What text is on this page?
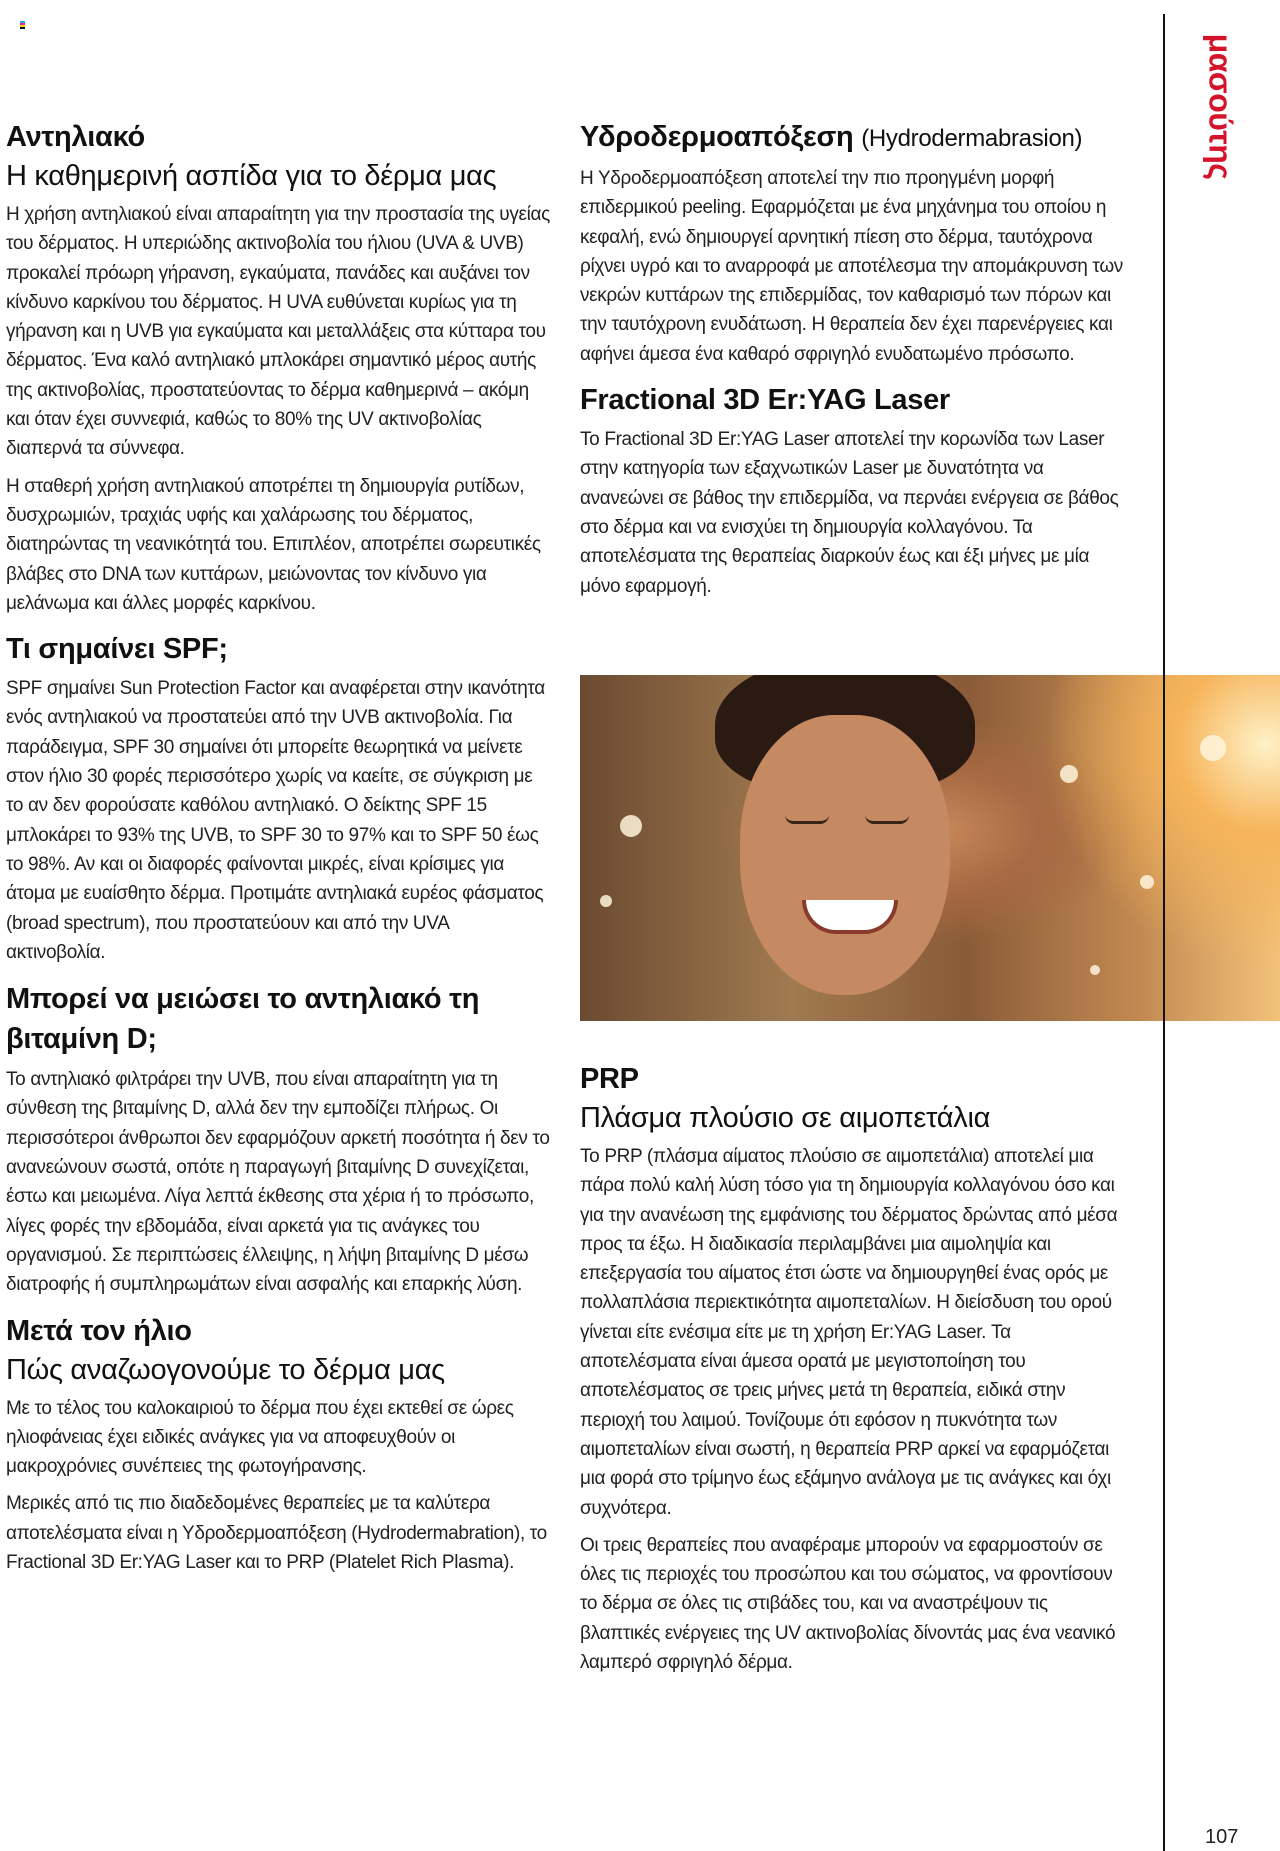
Αντηλιακό
Η καθημερινή ασπίδα για το δέρμα μας

Η χρήση αντηλιακού είναι απαραίτητη για την προστασία της υγείας του δέρματος. Η υπεριώδης ακτινοβολία του ήλιου (UVA & UVB) προκαλεί πρόωρη γήρανση, εγκαύματα, πανάδες και αυξάνει τον κίνδυνο καρκίνου του δέρματος. Η UVA ευθύνεται κυρίως για τη γήρανση και η UVB για εγκαύματα και μεταλλάξεις στα κύτταρα του δέρματος. Ένα καλό αντηλιακό μπλοκάρει σημαντικό μέρος αυτής της ακτινοβολίας, προστατεύοντας το δέρμα καθημερινά – ακόμη και όταν έχει συννεφιά, καθώς το 80% της UV ακτινοβολίας διαπερνά τα σύννεφα.

Η σταθερή χρήση αντηλιακού αποτρέπει τη δημιουργία ρυτίδων, δυσχρωμιών, τραχιάς υφής και χαλάρωσης του δέρματος, διατηρώντας τη νεανικότητά του. Επιπλέον, αποτρέπει σωρευτικές βλάβες στο DNA των κυττάρων, μειώνοντας τον κίνδυνο για μελάνωμα και άλλες μορφές καρκίνου.

Τι σημαίνει SPF;

SPF σημαίνει Sun Protection Factor και αναφέρεται στην ικανότητα ενός αντηλιακού να προστατεύει από την UVB ακτινοβολία. Για παράδειγμα, SPF 30 σημαίνει ότι μπορείτε θεωρητικά να μείνετε στον ήλιο 30 φορές περισσότερο χωρίς να καείτε, σε σύγκριση με το αν δεν φορούσατε καθόλου αντηλιακό. Ο δείκτης SPF 15 μπλοκάρει το 93% της UVB, το SPF 30 το 97% και το SPF 50 έως το 98%. Αν και οι διαφορές φαίνονται μικρές, είναι κρίσιμες για άτομα με ευαίσθητο δέρμα. Προτιμάτε αντηλιακά ευρέος φάσματος (broad spectrum), που προστατεύουν και από την UVA ακτινοβολία.

Μπορεί να μειώσει το αντηλιακό τη βιταμίνη D;

Το αντηλιακό φιλτράρει την UVB, που είναι απαραίτητη για τη σύνθεση της βιταμίνης D, αλλά δεν την εμποδίζει πλήρως. Οι περισσότεροι άνθρωποι δεν εφαρμόζουν αρκετή ποσότητα ή δεν το ανανεώνουν σωστά, οπότε η παραγωγή βιταμίνης D συνεχίζεται, έστω και μειωμένα. Λίγα λεπτά έκθεσης στα χέρια ή το πρόσωπο, λίγες φορές την εβδομάδα, είναι αρκετά για τις ανάγκες του οργανισμού. Σε περιπτώσεις έλλειψης, η λήψη βιταμίνης D μέσω διατροφής ή συμπληρωμάτων είναι ασφαλής και επαρκής λύση.

Μετά τον ήλιο
Πώς αναζωογονούμε το δέρμα μας

Με το τέλος του καλοκαιριού το δέρμα που έχει εκτεθεί σε ώρες ηλιοφάνειας έχει ειδικές ανάγκες για να αποφευχθούν οι μακροχρόνιες συνέπειες της φωτογήρανσης.

Μερικές από τις πιο διαδεδομένες θεραπείες με τα καλύτερα αποτελέσματα είναι η Υδροδερμοαπόξεση (Hydrodermabration), το Fractional 3D Er:YAG Laser και το PRP (Platelet Rich Plasma).

Υδροδερμοαπόξεση (Hydrodermabrasion)

Η Υδροδερμοαπόξεση αποτελεί την πιο προηγμένη μορφή επιδερμικού peeling. Εφαρμόζεται με ένα μηχάνημα του οποίου η κεφαλή, ενώ δημιουργεί αρνητική πίεση στο δέρμα, ταυτόχρονα ρίχνει υγρό και το αναρροφά με αποτέλεσμα την απομάκρυνση των νεκρών κυττάρων της επιδερμίδας, τον καθαρισμό των πόρων και την ταυτόχρονη ενυδάτωση. Η θεραπεία δεν έχει παρενέργειες και αφήνει άμεσα ένα καθαρό σφριγηλό ενυδατωμένο πρόσωπο.

Fractional 3D Er:YAG Laser

Το Fractional 3D Er:YAG Laser αποτελεί την κορωνίδα των Laser στην κατηγορία των εξαχνωτικών Laser με δυνατότητα να ανανεώνει σε βάθος την επιδερμίδα, να περνάει ενέργεια σε βάθος στο δέρμα και να ενισχύει τη δημιουργία κολλαγόνου. Τα αποτελέσματα της θεραπείας διαρκούν έως και έξι μήνες με μία μόνο εφαρμογή.

PRP
Πλάσμα πλούσιο σε αιμοπετάλια

Το PRP (πλάσμα αίματος πλούσιο σε αιμοπετάλια) αποτελεί μια πάρα πολύ καλή λύση τόσο για τη δημιουργία κολλαγόνου όσο και για την ανανέωση της εμφάνισης του δέρματος δρώντας από μέσα προς τα έξω. Η διαδικασία περιλαμβάνει μια αιμοληψία και επεξεργασία του αίματος έτσι ώστε να δημιουργηθεί ένας ορός με πολλαπλάσια περιεκτικότητα αιμοπεταλίων. Η διείσδυση του ορού γίνεται είτε ενέσιμα είτε με τη χρήση Er:YAG Laser. Τα αποτελέσματα είναι άμεσα ορατά με μεγιστοποίηση του αποτελέσματος σε τρεις μήνες μετά τη θεραπεία, ειδικά στην περιοχή του λαιμού. Τονίζουμε ότι εφόσον η πυκνότητα των αιμοπεταλίων είναι σωστή, η θεραπεία PRP αρκεί να εφαρμόζεται μια φορά στο τρίμηνο έως εξάμηνο ανάλογα με τις ανάγκες και όχι συχνότερα.

Οι τρεις θεραπείες που αναφέραμε μπορούν να εφαρμοστούν σε όλες τις περιοχές του προσώπου και του σώματος, να φροντίσουν το δέρμα σε όλες τις στιβάδες του, και να αναστρέψουν τις βλαπτικές ενέργειες της UV ακτινοβολίας δίνοντάς μας ένα νεανικό λαμπερό σφριγηλό δέρμα.

μασούτης
107
